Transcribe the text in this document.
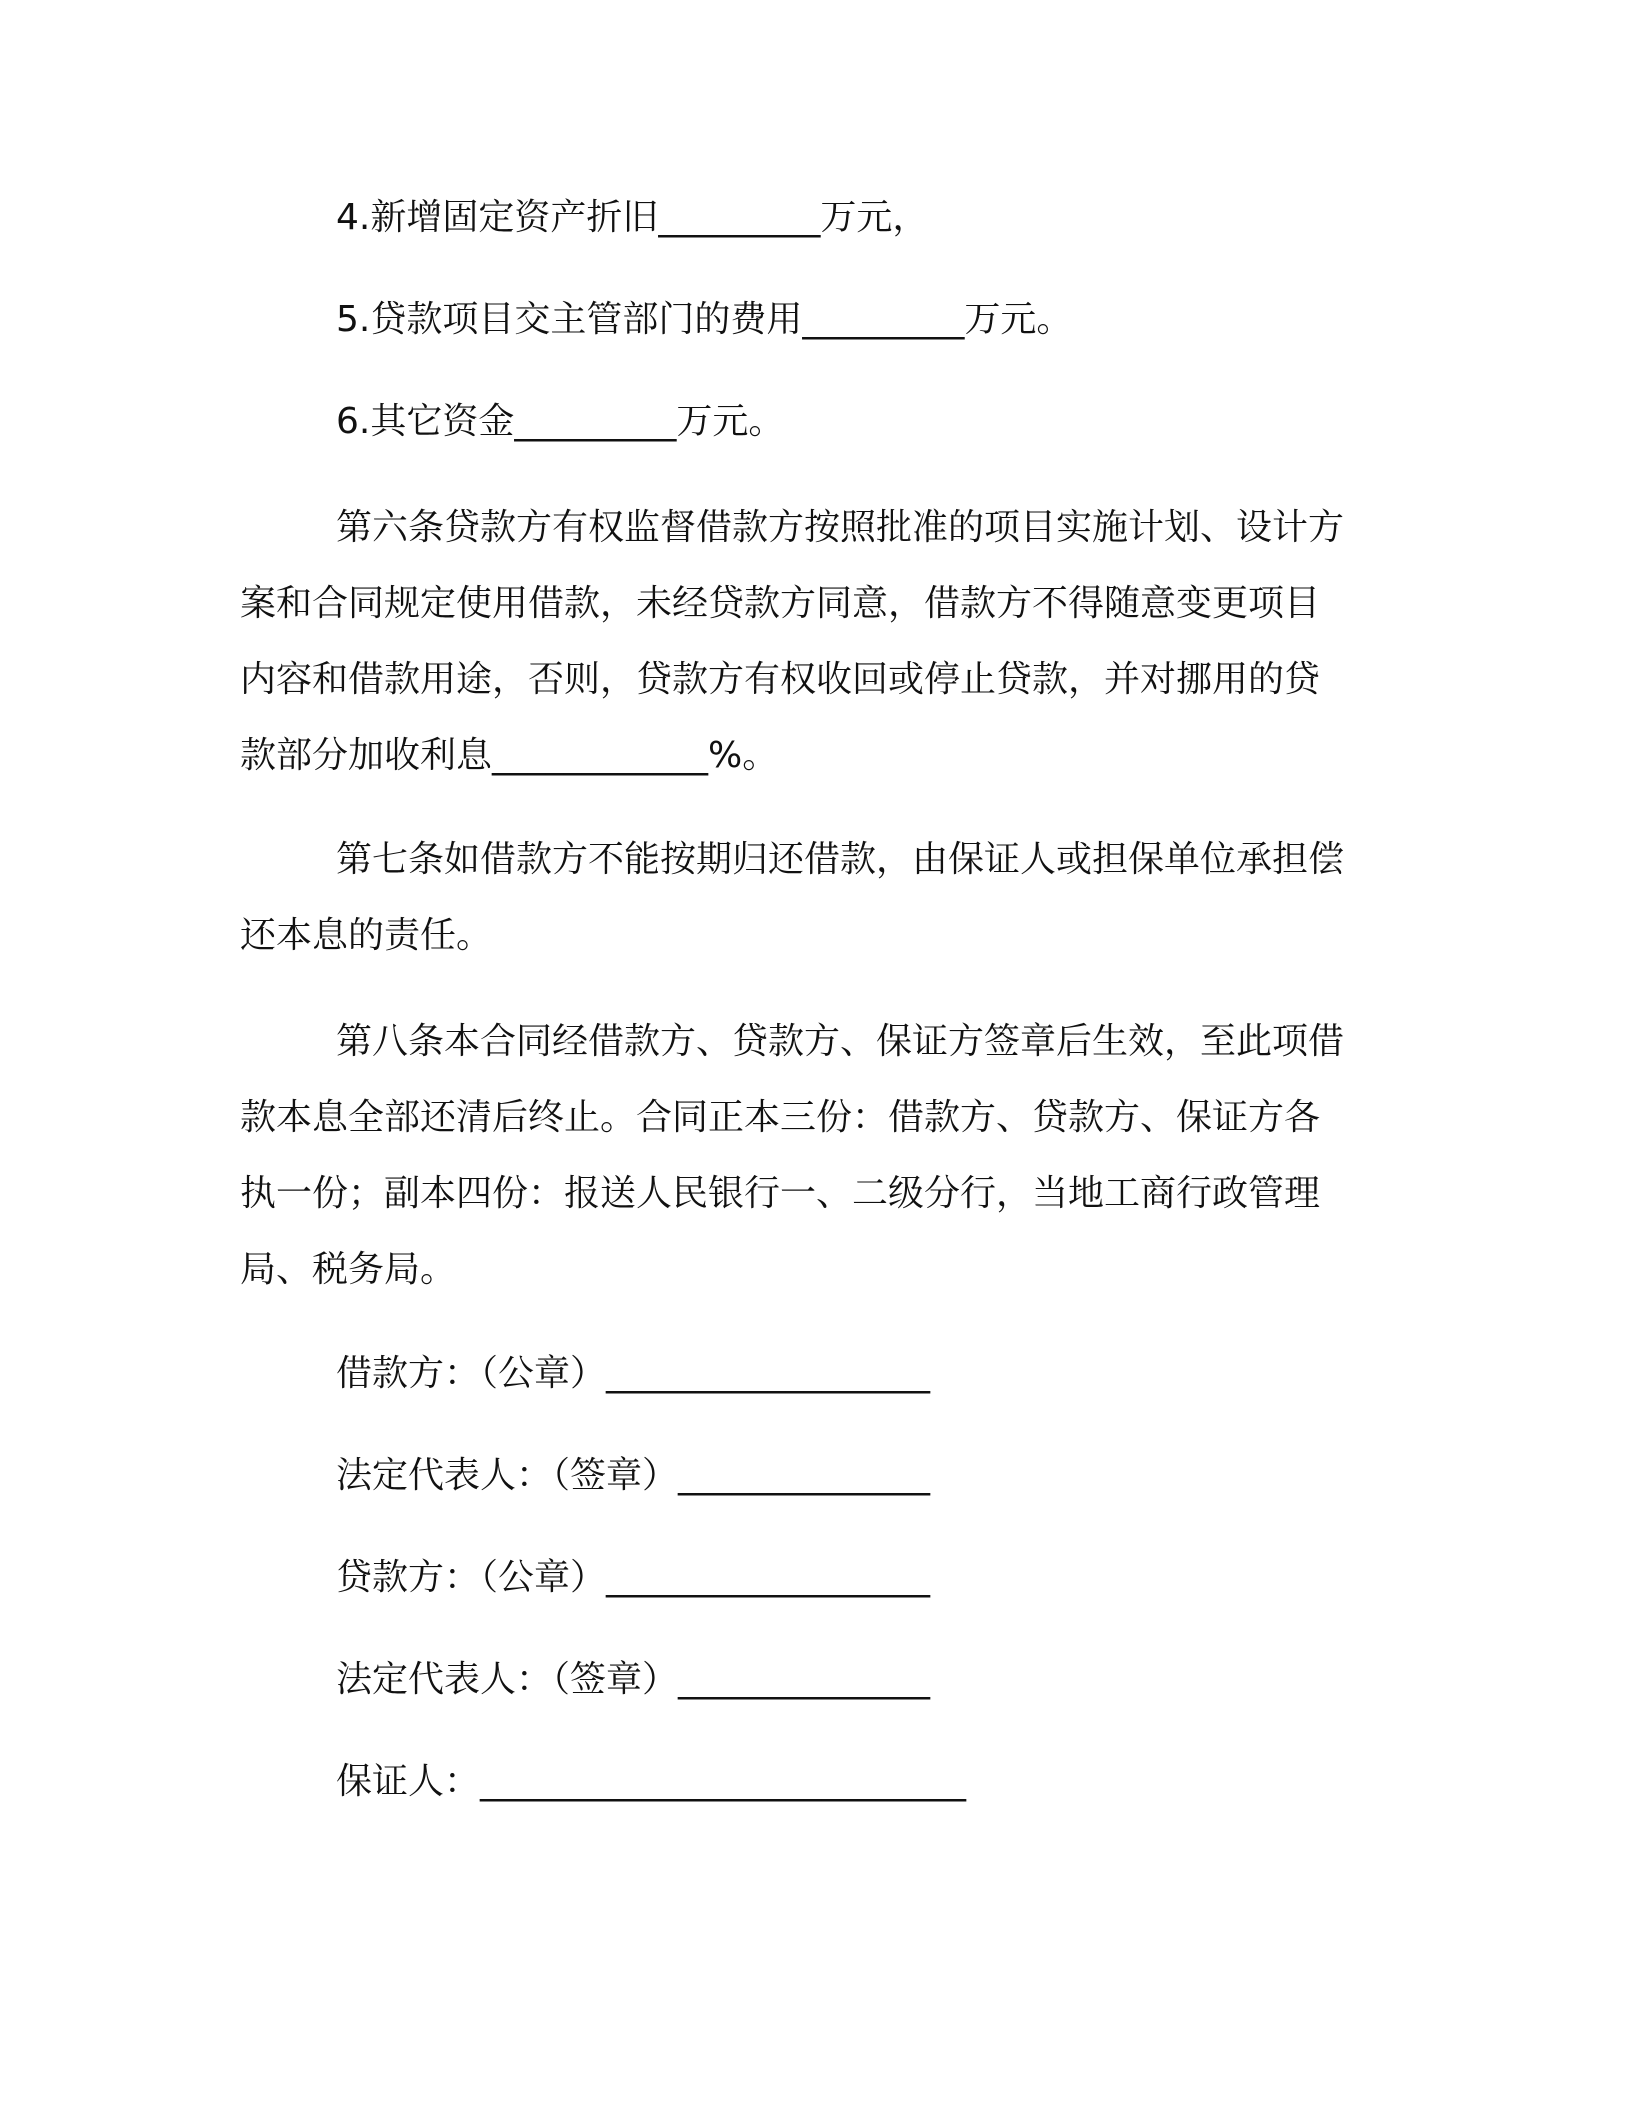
4.新增固定资产折旧_________万元，
5.贷款项目交主管部门的费用_________万元。
6.其它资金_________万元。

第六条贷款方有权监督借款方按照批准的项目实施计划、设计方

案和合同规定使用借款，未经贷款方同意，借款方不得随意变更项目

内容和借款用途，否则，贷款方有权收回或停止贷款，并对挪用的贷

款部分加收利息____________%。

第七条如借款方不能按期归还借款，由保证人或担保单位承担偿

还本息的责任。

第八条本合同经借款方、贷款方、保证方签章后生效，至此项借

款本息全部还清后终止。合同正本三份：借款方、贷款方、保证方各

执一份；副本四份：报送人民银行一、二级分行，当地工商行政管理

局、税务局。

借款方：（公章）__________________
法定代表人：（签章）______________
贷款方：（公章）__________________
法定代表人：（签章）______________
保证人：___________________________
